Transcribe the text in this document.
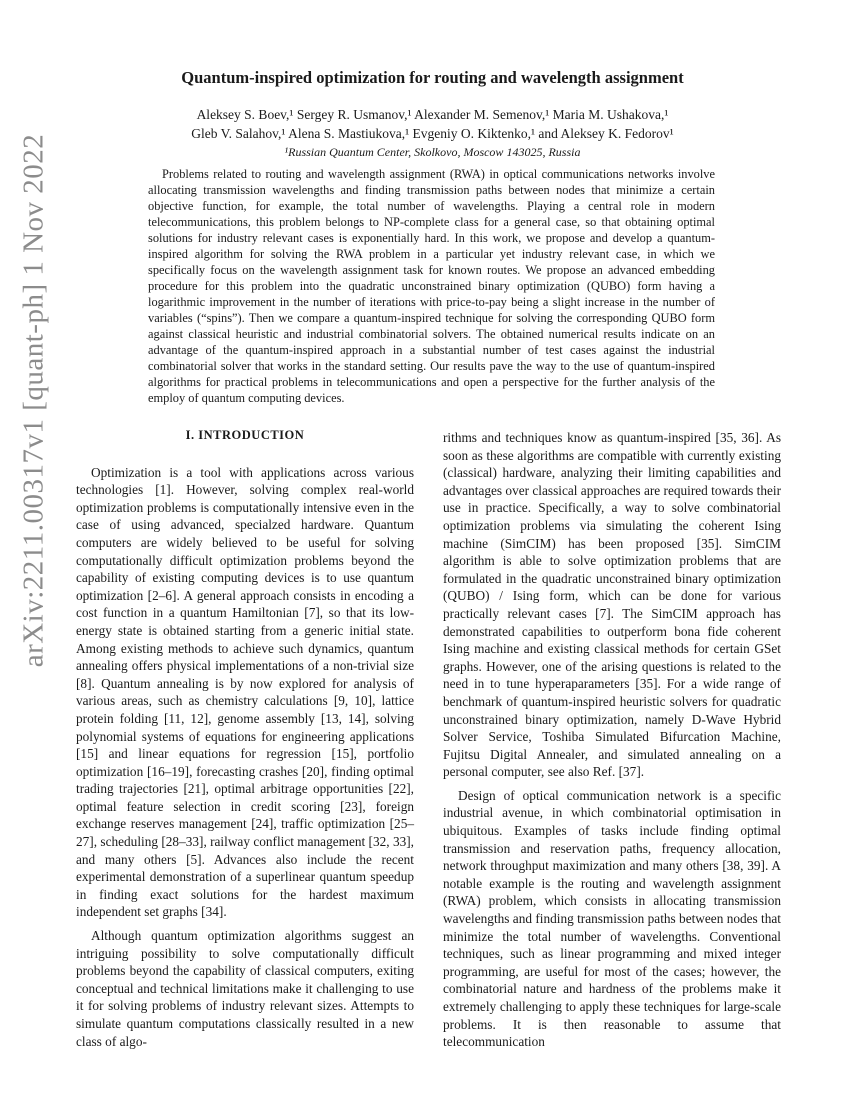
arXiv:2211.00317v1 [quant-ph] 1 Nov 2022
Quantum-inspired optimization for routing and wavelength assignment
Aleksey S. Boev,¹ Sergey R. Usmanov,¹ Alexander M. Semenov,¹ Maria M. Ushakova,¹
Gleb V. Salahov,¹ Alena S. Mastiukova,¹ Evgeniy O. Kiktenko,¹ and Aleksey K. Fedorov¹
¹Russian Quantum Center, Skolkovo, Moscow 143025, Russia
Problems related to routing and wavelength assignment (RWA) in optical communications networks involve allocating transmission wavelengths and finding transmission paths between nodes that minimize a certain objective function, for example, the total number of wavelengths. Playing a central role in modern telecommunications, this problem belongs to NP-complete class for a general case, so that obtaining optimal solutions for industry relevant cases is exponentially hard. In this work, we propose and develop a quantum-inspired algorithm for solving the RWA problem in a particular yet industry relevant case, in which we specifically focus on the wavelength assignment task for known routes. We propose an advanced embedding procedure for this problem into the quadratic unconstrained binary optimization (QUBO) form having a logarithmic improvement in the number of iterations with price-to-pay being a slight increase in the number of variables (“spins”). Then we compare a quantum-inspired technique for solving the corresponding QUBO form against classical heuristic and industrial combinatorial solvers. The obtained numerical results indicate on an advantage of the quantum-inspired approach in a substantial number of test cases against the industrial combinatorial solver that works in the standard setting. Our results pave the way to the use of quantum-inspired algorithms for practical problems in telecommunications and open a perspective for the further analysis of the employ of quantum computing devices.
I. INTRODUCTION

Optimization is a tool with applications across various technologies [1]. However, solving complex real-world optimization problems is computationally intensive even in the case of using advanced, specialzed hardware. Quantum computers are widely believed to be useful for solving computationally difficult optimization problems beyond the capability of existing computing devices is to use quantum optimization [2–6]. A general approach consists in encoding a cost function in a quantum Hamiltonian [7], so that its low-energy state is obtained starting from a generic initial state. Among existing methods to achieve such dynamics, quantum annealing offers physical implementations of a non-trivial size [8]. Quantum annealing is by now explored for analysis of various areas, such as chemistry calculations [9, 10], lattice protein folding [11, 12], genome assembly [13, 14], solving polynomial systems of equations for engineering applications [15] and linear equations for regression [15], portfolio optimization [16–19], forecasting crashes [20], finding optimal trading trajectories [21], optimal arbitrage opportunities [22], optimal feature selection in credit scoring [23], foreign exchange reserves management [24], traffic optimization [25–27], scheduling [28–33], railway conflict management [32, 33], and many others [5]. Advances also include the recent experimental demonstration of a superlinear quantum speedup in finding exact solutions for the hardest maximum independent set graphs [34].

Although quantum optimization algorithms suggest an intriguing possibility to solve computationally difficult problems beyond the capability of classical computers, exiting conceptual and technical limitations make it challenging to use it for solving problems of industry relevant sizes. Attempts to simulate quantum computations classically resulted in a new class of algo-

rithms and techniques know as quantum-inspired [35, 36]. As soon as these algorithms are compatible with currently existing (classical) hardware, analyzing their limiting capabilities and advantages over classical approaches are required towards their use in practice. Specifically, a way to solve combinatorial optimization problems via simulating the coherent Ising machine (SimCIM) has been proposed [35]. SimCIM algorithm is able to solve optimization problems that are formulated in the quadratic unconstrained binary optimization (QUBO) / Ising form, which can be done for various practically relevant cases [7]. The SimCIM approach has demonstrated capabilities to outperform bona fide coherent Ising machine and existing classical methods for certain GSet graphs. However, one of the arising questions is related to the need in to tune hyperaparameters [35]. For a wide range of benchmark of quantum-inspired heuristic solvers for quadratic unconstrained binary optimization, namely D-Wave Hybrid Solver Service, Toshiba Simulated Bifurcation Machine, Fujitsu Digital Annealer, and simulated annealing on a personal computer, see also Ref. [37].

Design of optical communication network is a specific industrial avenue, in which combinatorial optimisation in ubiquitous. Examples of tasks include finding optimal transmission and reservation paths, frequency allocation, network throughput maximization and many others [38, 39]. A notable example is the routing and wavelength assignment (RWA) problem, which consists in allocating transmission wavelengths and finding transmission paths between nodes that minimize the total number of wavelengths. Conventional techniques, such as linear programming and mixed integer programming, are useful for most of the cases; however, the combinatorial nature and hardness of the problems make it extremely challenging to apply these techniques for large-scale problems. It is then reasonable to assume that telecommunication
